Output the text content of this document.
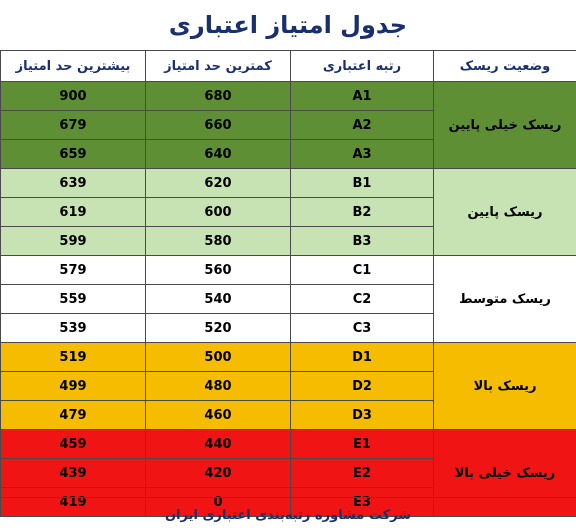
جدول امتیاز اعتباری
بیشترین حد امتیاز	کمترین حد امتیاز	رتبه اعتباری	وضعیت ریسک
900	680	A1	ریسک خیلی پایین
679	660	A2	
659	640	A3	
639	620	B1	ریسک پایین
619	600	B2	
599	580	B3	
579	560	C1	ریسک متوسط
559	540	C2	
539	520	C3	
519	500	D1	ریسک بالا
499	480	D2	
479	460	D3	
459	440	E1	ریسک خیلی بالا
439	420	E2	
419	0	E3	
شرکت مشاوره رتبه‌بندی اعتباری ایران
